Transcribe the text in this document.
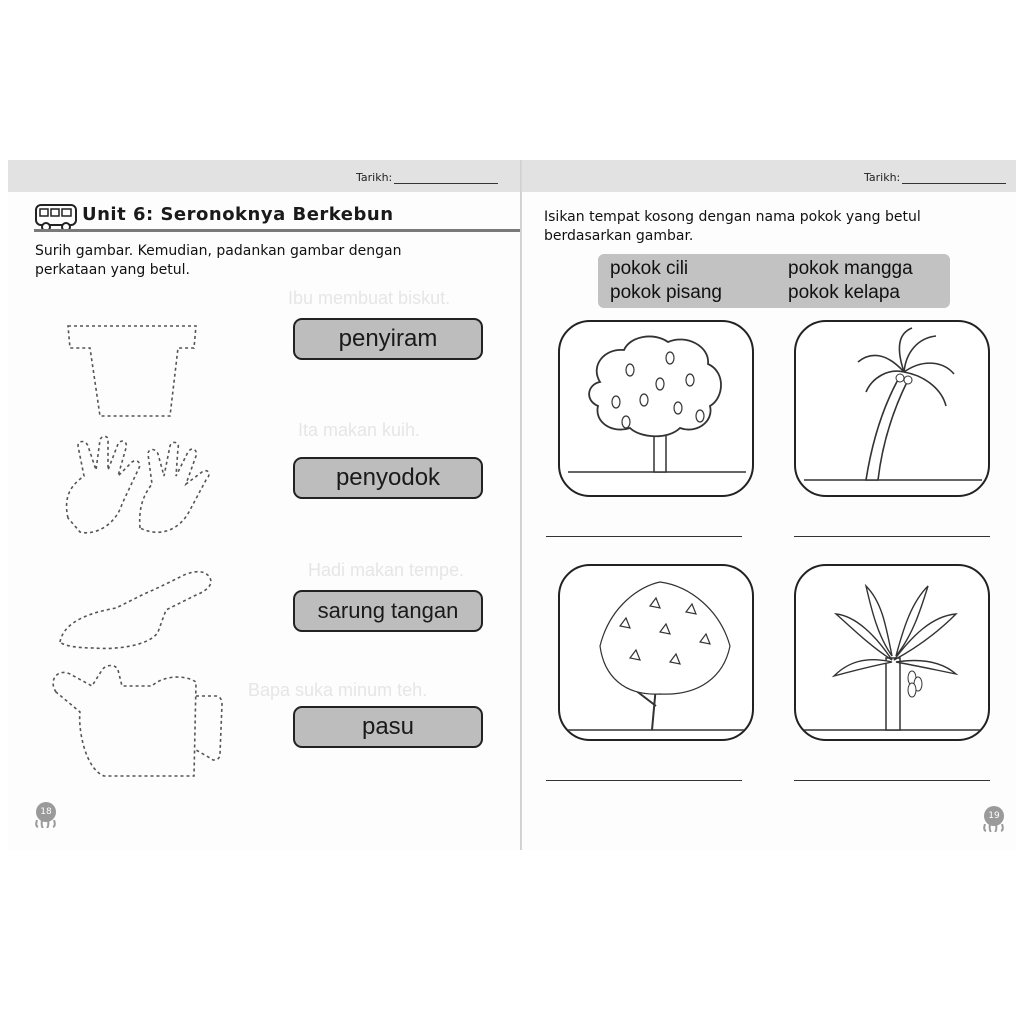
Tarikh:
Ibu membuat biskut.
Ita makan kuih.
Hadi makan tempe.
Bapa suka minum teh.
Unit 6: Seronoknya Berkebun
Surih gambar. Kemudian, padankan gambar dengan
perkataan yang betul.
penyiram
penyodok
sarung tangan
pasu
18
Tarikh:
Isikan tempat kosong dengan nama pokok yang betul
berdasarkan gambar.
pokok cili	pokok mangga
pokok pisang	pokok kelapa
19
